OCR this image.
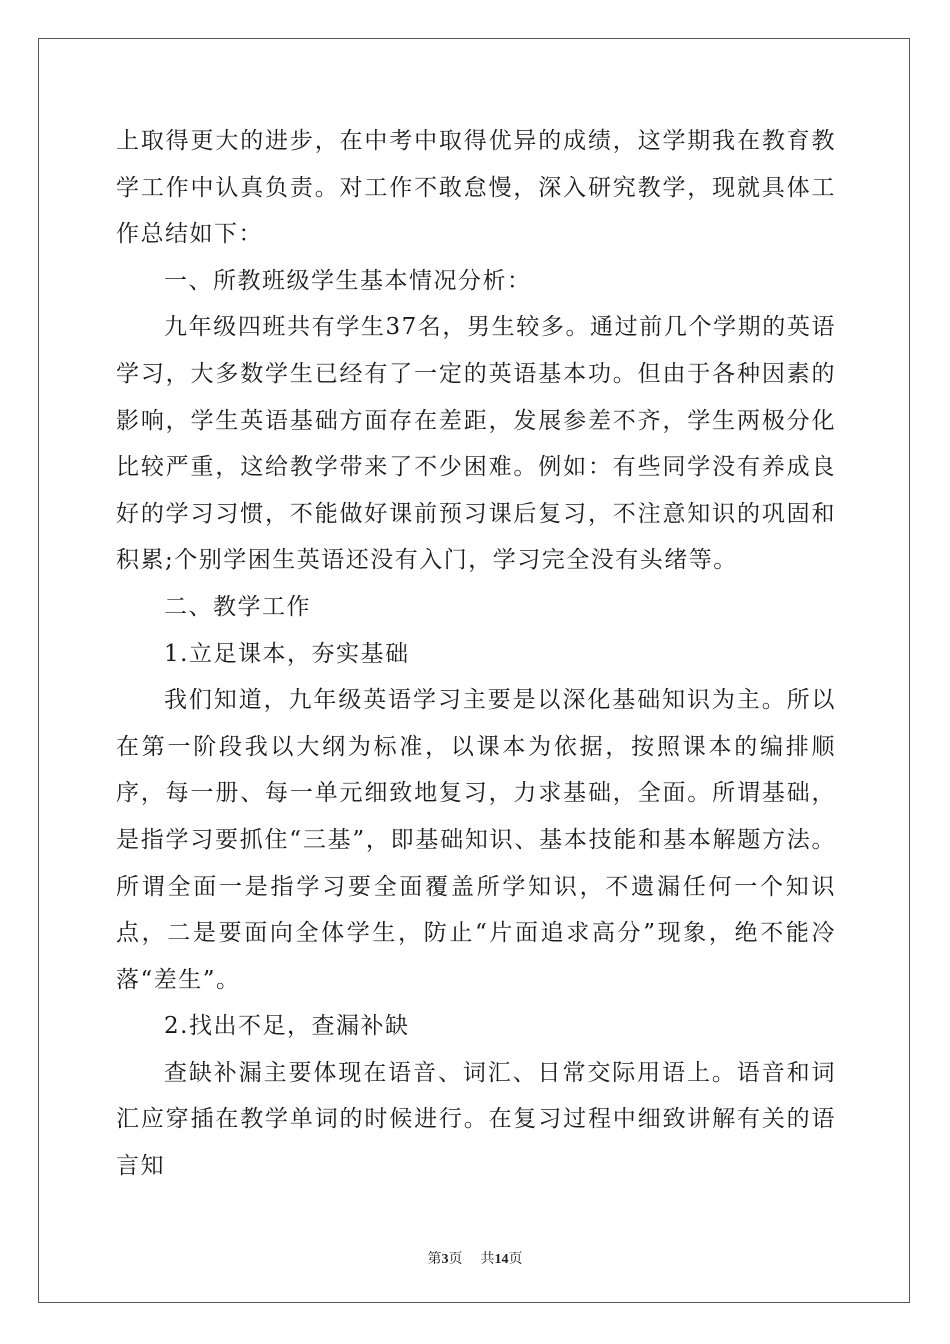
上取得更大的进步，在中考中取得优异的成绩，这学期我在教育教学工作中认真负责。对工作不敢怠慢，深入研究教学，现就具体工作总结如下：

一、所教班级学生基本情况分析：

九年级四班共有学生37名，男生较多。通过前几个学期的英语学习，大多数学生已经有了一定的英语基本功。但由于各种因素的影响，学生英语基础方面存在差距，发展参差不齐，学生两极分化比较严重，这给教学带来了不少困难。例如：有些同学没有养成良好的学习习惯，不能做好课前预习课后复习，不注意知识的巩固和积累;个别学困生英语还没有入门，学习完全没有头绪等。

二、教学工作

1.立足课本，夯实基础

我们知道，九年级英语学习主要是以深化基础知识为主。所以在第一阶段我以大纲为标准，以课本为依据，按照课本的编排顺序，每一册、每一单元细致地复习，力求基础，全面。所谓基础，是指学习要抓住“三基”，即基础知识、基本技能和基本解题方法。所谓全面一是指学习要全面覆盖所学知识，不遗漏任何一个知识点，二是要面向全体学生，防止“片面追求高分”现象，绝不能冷落“差生”。

2.找出不足，查漏补缺

查缺补漏主要体现在语音、词汇、日常交际用语上。语音和词汇应穿插在教学单词的时候进行。在复习过程中细致讲解有关的语言知

第3页 共14页
